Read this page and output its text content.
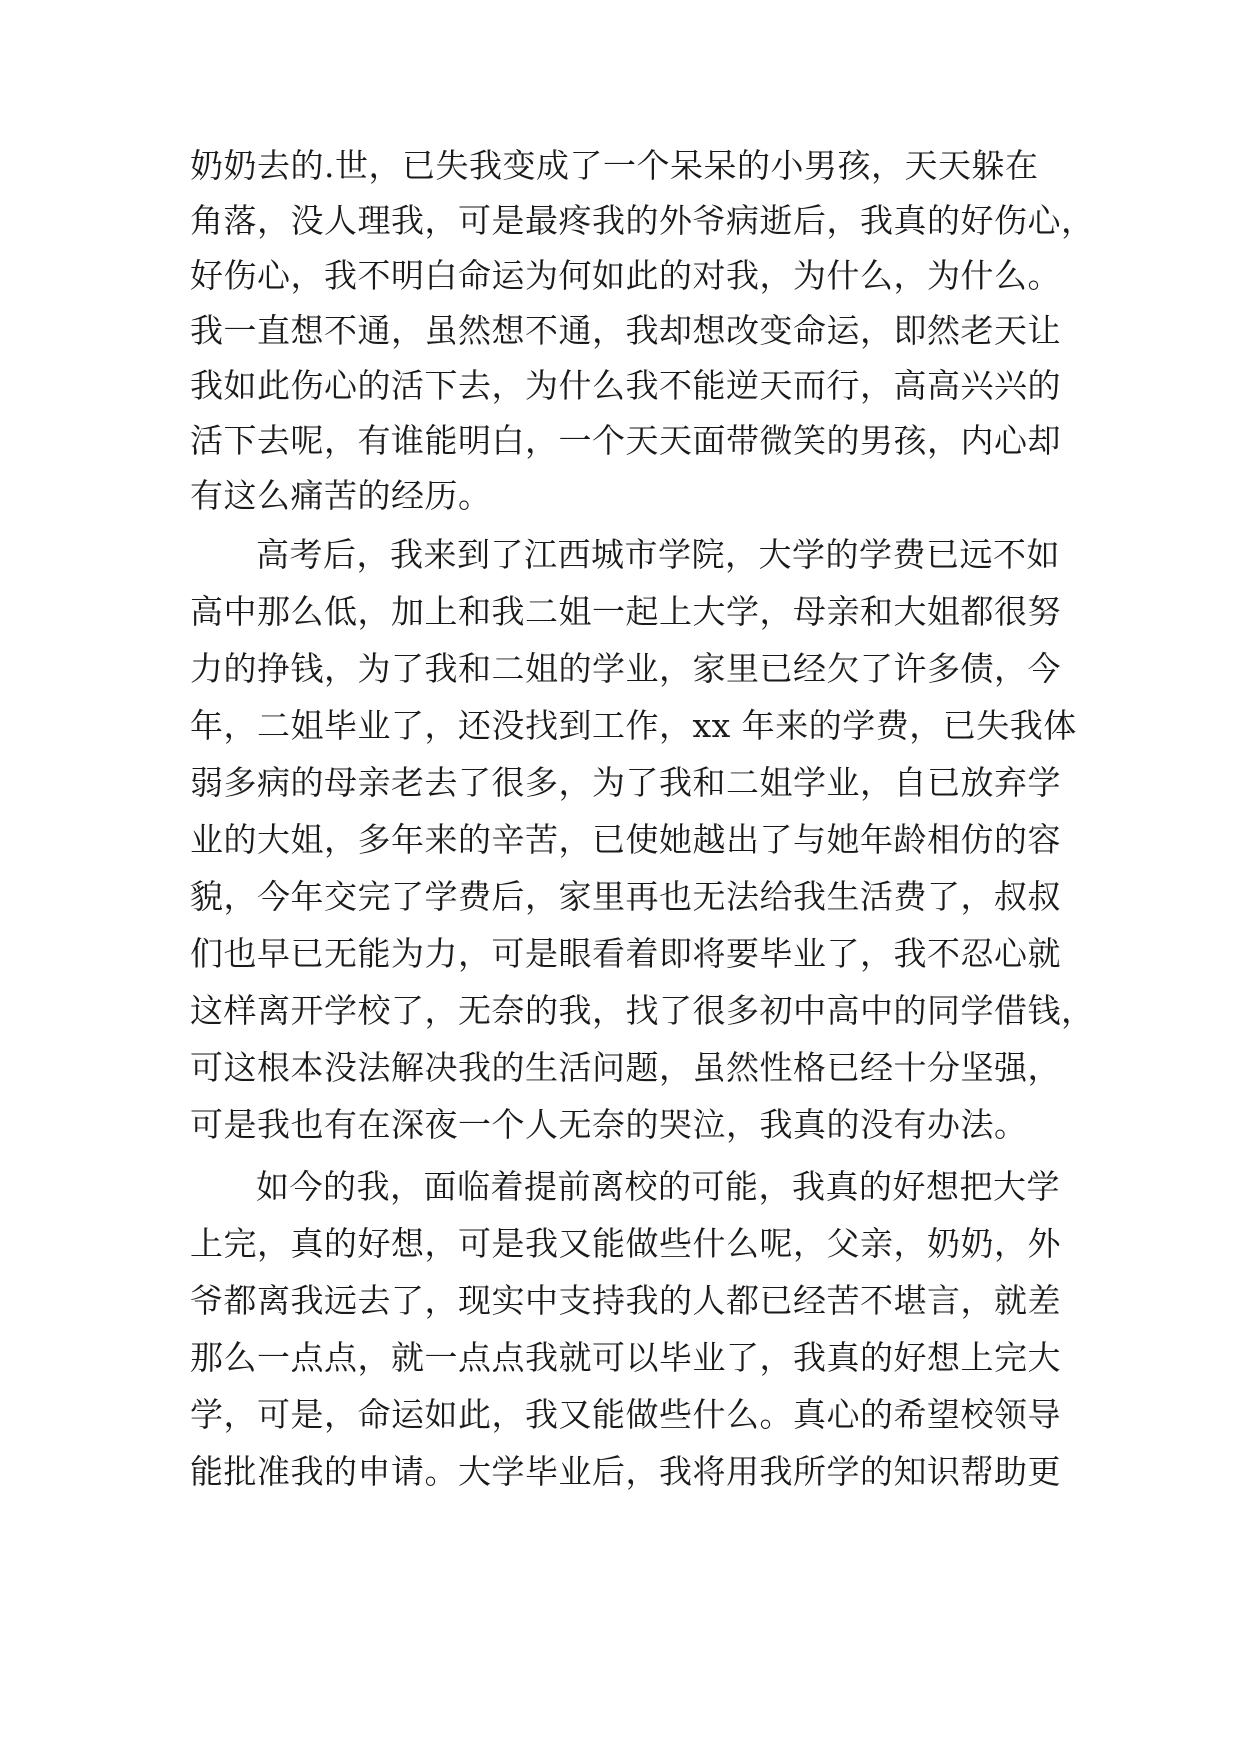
奶奶去的.世，已失我变成了一个呆呆的小男孩，天天躲在
角落，没人理我，可是最疼我的外爷病逝后，我真的好伤心，
好伤心，我不明白命运为何如此的对我，为什么，为什么。
我一直想不通，虽然想不通，我却想改变命运，即然老天让
我如此伤心的活下去，为什么我不能逆天而行，高高兴兴的
活下去呢，有谁能明白，一个天天面带微笑的男孩，内心却
有这么痛苦的经历。
高考后，我来到了江西城市学院，大学的学费已远不如
高中那么低，加上和我二姐一起上大学，母亲和大姐都很努
力的挣钱，为了我和二姐的学业，家里已经欠了许多债，今
年，二姐毕业了，还没找到工作，xx 年来的学费，已失我体
弱多病的母亲老去了很多，为了我和二姐学业，自已放弃学
业的大姐，多年来的辛苦，已使她越出了与她年龄相仿的容
貌，今年交完了学费后，家里再也无法给我生活费了，叔叔
们也早已无能为力，可是眼看着即将要毕业了，我不忍心就
这样离开学校了，无奈的我，找了很多初中高中的同学借钱，
可这根本没法解决我的生活问题，虽然性格已经十分坚强，
可是我也有在深夜一个人无奈的哭泣，我真的没有办法。
如今的我，面临着提前离校的可能，我真的好想把大学
上完，真的好想，可是我又能做些什么呢，父亲，奶奶，外
爷都离我远去了，现实中支持我的人都已经苦不堪言，就差
那么一点点，就一点点我就可以毕业了，我真的好想上完大
学，可是，命运如此，我又能做些什么。真心的希望校领导
能批准我的申请。大学毕业后，我将用我所学的知识帮助更
